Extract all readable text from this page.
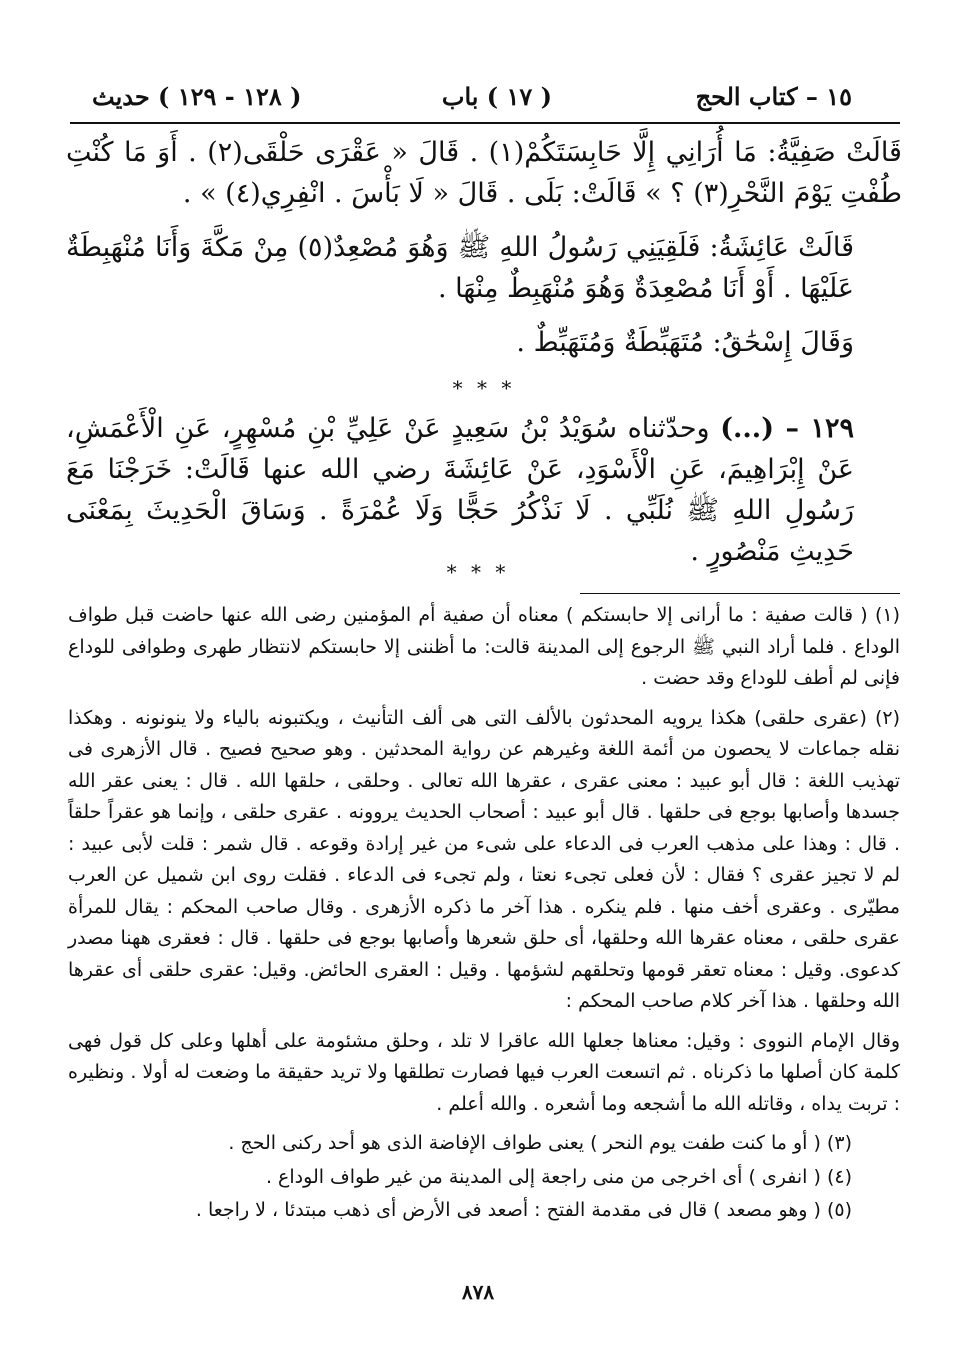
١٥ – كتاب الحج
( ١٧ ) باب
( ١٢٨ - ١٢٩ ) حديث

قَالَتْ صَفِيَّةُ: مَا أُرَانِي إِلَّا حَابِسَتَكُمْ(١) . قَالَ « عَقْرَى حَلْقَى(٢) . أَوَ مَا كُنْتِ طُفْتِ يَوْمَ النَّحْرِ(٣) ؟ » قَالَتْ: بَلَى . قَالَ « لَا بَأْسَ . انْفِرِي(٤) » .

قَالَتْ عَائِشَةُ: فَلَقِيَنِي رَسُولُ اللهِ ﷺ وَهُوَ مُصْعِدٌ(٥) مِنْ مَكَّةَ وَأَنَا مُنْهَبِطَةٌ عَلَيْهَا . أَوْ أَنَا مُصْعِدَةٌ وَهُوَ مُنْهَبِطٌ مِنْهَا .

وَقَالَ إِسْحَٰقُ: مُتَهَبِّطَةٌ وَمُتَهَبِّطٌ .

* * *

١٢٩ – (...) وحدّثناه سُوَيْدُ بْنُ سَعِيدٍ عَنْ عَلِيِّ بْنِ مُسْهِرٍ، عَنِ الْأَعْمَشِ، عَنْ إِبْرَاهِيمَ، عَنِ الْأَسْوَدِ، عَنْ عَائِشَةَ رضي الله عنها قَالَتْ: خَرَجْنَا مَعَ رَسُولِ اللهِ ﷺ نُلَبِّي . لَا نَذْكُرُ حَجًّا وَلَا عُمْرَةً . وَسَاقَ الْحَدِيثَ بِمَعْنَى حَدِيثِ مَنْصُورٍ .

* * *

(١) ( قالت صفية : ما أرانى إلا حابستكم ) معناه أن صفية أم المؤمنين رضى الله عنها حاضت قبل طواف الوداع . فلما أراد النبي ﷺ الرجوع إلى المدينة قالت: ما أظننى إلا حابستكم لانتظار طهرى وطوافى للوداع فإنى لم أطف للوداع وقد حضت .

(٢) (عقرى حلقى) هكذا يرويه المحدثون بالألف التى هى ألف التأنيث ، ويكتبونه بالياء ولا ينونونه . وهكذا نقله جماعات لا يحصون من أئمة اللغة وغيرهم عن رواية المحدثين . وهو صحيح فصيح . قال الأزهرى فى تهذيب اللغة : قال أبو عبيد : معنى عقرى ، عقرها الله تعالى . وحلقى ، حلقها الله . قال : يعنى عقر الله جسدها وأصابها بوجع فى حلقها . قال أبو عبيد : أصحاب الحديث يروونه . عقرى حلقى ، وإنما هو عقراً حلقاً . قال : وهذا على مذهب العرب فى الدعاء على شىء من غير إرادة وقوعه . قال شمر : قلت لأبى عبيد : لم لا تجيز عقرى ؟ فقال : لأن فعلى تجىء نعتا ، ولم تجىء فى الدعاء . فقلت روى ابن شميل عن العرب مطيّرى . وعقرى أخف منها . فلم ينكره . هذا آخر ما ذكره الأزهرى . وقال صاحب المحكم : يقال للمرأة عقرى حلقى ، معناه عقرها الله وحلقها، أى حلق شعرها وأصابها بوجع فى حلقها . قال : فعقرى ههنا مصدر كدعوى. وقيل : معناه تعقر قومها وتحلقهم لشؤمها . وقيل : العقرى الحائض. وقيل: عقرى حلقى أى عقرها الله وحلقها . هذا آخر كلام صاحب المحكم :

وقال الإمام النووى : وقيل: معناها جعلها الله عاقرا لا تلد ، وحلق مشئومة على أهلها وعلى كل قول فهى كلمة كان أصلها ما ذكرناه . ثم اتسعت العرب فيها فصارت تطلقها ولا تريد حقيقة ما وضعت له أولا . ونظيره : تربت يداه ، وقاتله الله ما أشجعه وما أشعره . والله أعلم .

(٣) ( أو ما كنت طفت يوم النحر ) يعنى طواف الإفاضة الذى هو أحد ركنى الحج .

(٤) ( انفرى ) أى اخرجى من منى راجعة إلى المدينة من غير طواف الوداع .

(٥) ( وهو مصعد ) قال فى مقدمة الفتح : أصعد فى الأرض أى ذهب مبتدئا ، لا راجعا .

٨٧٨
